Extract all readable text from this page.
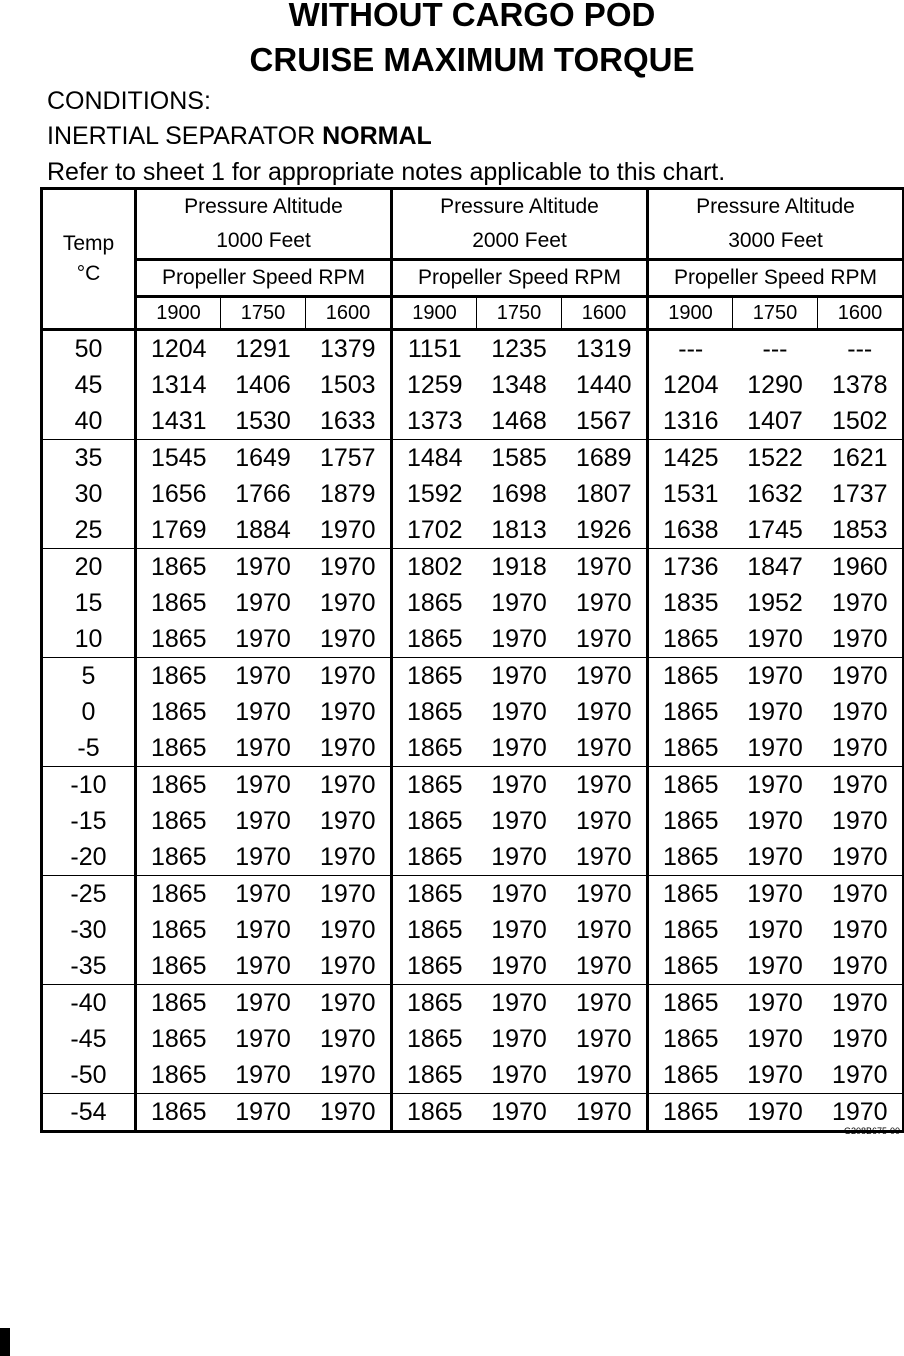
WITHOUT CARGO POD
CRUISE MAXIMUM TORQUE
CONDITIONS:
INERTIAL SEPARATOR NORMAL
Refer to sheet 1 for appropriate notes applicable to this chart.
Temp
°C	Pressure Altitude			Pressure Altitude			Pressure Altitude		
	1000 Feet			2000 Feet			3000 Feet		
	Propeller Speed RPM			Propeller Speed RPM			Propeller Speed RPM		
	1900	1750	1600	1900	1750	1600	1900	1750	1600
50	1204	1291	1379	1151	1235	1319	---	---	---
45	1314	1406	1503	1259	1348	1440	1204	1290	1378
40	1431	1530	1633	1373	1468	1567	1316	1407	1502
35	1545	1649	1757	1484	1585	1689	1425	1522	1621
30	1656	1766	1879	1592	1698	1807	1531	1632	1737
25	1769	1884	1970	1702	1813	1926	1638	1745	1853
20	1865	1970	1970	1802	1918	1970	1736	1847	1960
15	1865	1970	1970	1865	1970	1970	1835	1952	1970
10	1865	1970	1970	1865	1970	1970	1865	1970	1970
5	1865	1970	1970	1865	1970	1970	1865	1970	1970
0	1865	1970	1970	1865	1970	1970	1865	1970	1970
-5	1865	1970	1970	1865	1970	1970	1865	1970	1970
-10	1865	1970	1970	1865	1970	1970	1865	1970	1970
-15	1865	1970	1970	1865	1970	1970	1865	1970	1970
-20	1865	1970	1970	1865	1970	1970	1865	1970	1970
-25	1865	1970	1970	1865	1970	1970	1865	1970	1970
-30	1865	1970	1970	1865	1970	1970	1865	1970	1970
-35	1865	1970	1970	1865	1970	1970	1865	1970	1970
-40	1865	1970	1970	1865	1970	1970	1865	1970	1970
-45	1865	1970	1970	1865	1970	1970	1865	1970	1970
-50	1865	1970	1970	1865	1970	1970	1865	1970	1970
-54	1865	1970	1970	1865	1970	1970	1865	1970	1970
G208B675-00
